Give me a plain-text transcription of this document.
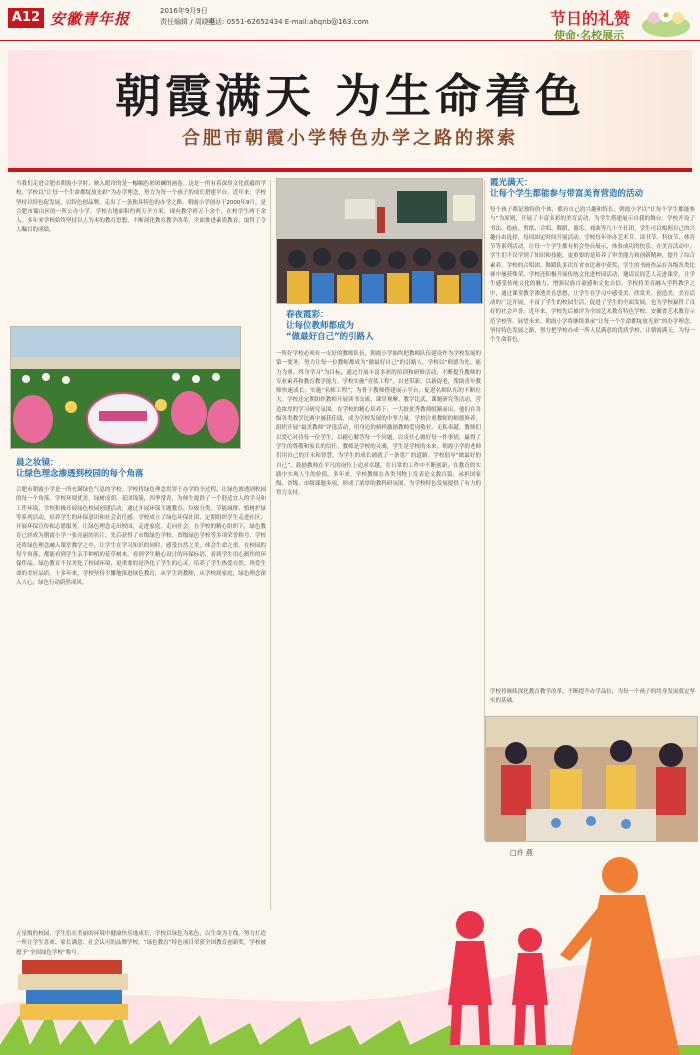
A12 安徽青年报	2016年9月9日
责任编辑 / 周晓燕
电话: 0551-62652434 E-mail:ahqnb@163.com	节日的礼赞
使命·名校展示
朝霞满天 为生命着色
合肥市朝霞小学特色办学之路的探索
当我们走进合肥市朝霞小学时，映入眼帘的是一幅幅色彩斑斓的画卷。这是一所有着深厚文化底蕴的学校，学校以“让每一个生命都绽放光彩”为办学理念，努力为每一个孩子的成长搭建平台。近年来，学校坚持以特色促发展，以特色创品牌，走出了一条独具特色的办学之路。朝霞小学创办于2000年9月，是合肥市蜀山区的一所公办小学。学校占地面积约两万平方米，现有教学班五十余个，在校学生两千余人。多年来学校始终坚持以人为本的教育思想，不断深化教育教学改革，全面推进素质教育，取得了令人瞩目的成绩。
晨之妆镜：
让绿色理念渗透到校园的每个角落
合肥市朝霞小学是一所充满绿色气息的学校。学校将绿色理念贯穿于办学的全过程，让绿色渗透到校园的每一个角落。学校环境优美，绿树成荫，花团锦簇，四季常青，为师生提供了一个舒适宜人的学习和工作环境。学校积极开展绿色校园创建活动，通过开展环保主题教育、垃圾分类、节能减排、植树护绿等系列活动，培养学生的环保意识和社会责任感。学校成立了绿色环保社团，定期组织学生走进社区，开展环保宣传和志愿服务，让绿色理念走出校园，走进家庭，走向社会。在学校的精心组织下，绿色教育已经成为朝霞小学一张亮丽的名片，先后获得了市级绿色学校、省级绿色学校等多项荣誉称号。学校还将绿色理念融入课堂教学之中，让学生在学习知识的同时，感受自然之美，体会生命之重。在校园的每个角落，都能看到学生亲手种植的花草树木，看到学生精心设计的环保标语，看到学生用心制作的环保作品。绿色教育不仅美化了校园环境，更重要的是净化了学生的心灵，培养了学生热爱自然、珍爱生命的美好品质。十多年来，学校坚持不懈地推进绿色教育，从学生到教师，从学校到家庭，绿色理念深入人心，绿色行动蔚然成风。
春夜霞彩：
让每位教师都成为
“做最好自己”的引路人
一所好学校必须有一支好的教师队伍。朝霞小学始终把教师队伍建设作为学校发展的第一要务，努力让每一位教师都成为“做最好自己”的引路人。学校以“师德为先、能力为重、终身学习”为目标，通过开展丰富多彩的培训和研修活动，不断提升教师的专业素养和教育教学能力。学校实施“青蓝工程”，以老带新，以新促老，帮助青年教师快速成长；实施“名师工程”，为骨干教师搭建展示平台，促进名师队伍的不断壮大。学校还定期组织教师开展读书交流、课堂观摩、教学比武、课题研究等活动，营造浓厚的学习研究氛围。在学校的精心培养下，一大批优秀教师脱颖而出，他们在各级各类教学比赛中屡获佳绩，成为学校发展的中坚力量。学校注重教师的师德修养，组织开展“最美教师”评选活动，用身边的榜样激励教师爱岗敬业、无私奉献。教师们以爱心对待每一位学生，以耐心解答每一个问题，以责任心做好每一件事情，赢得了学生的尊敬和家长的信任。教师是学校的灵魂，学生是学校的未来。朝霞小学的老师们用自己的汗水和智慧，为学生的成长铺就了一条宽广的道路。学校倡导“做最好的自己”，鼓励教师在平凡的岗位上追求卓越，在日常的工作中不断创新，在教育的实践中实现人生的价值。多年来，学校教师在各类刊物上发表论文数百篇，承担国家级、省级、市级课题多项，形成了浓厚的教科研氛围，为学校特色发展提供了有力的智力支持。
霞光满天：
让每个学生都能参与带富美育营造的活动
每个孩子都是独特的个体，都有自己的兴趣和特长。朝霞小学以“让每个学生都能参与”为原则，开展了丰富多彩的美育活动，为学生搭建展示自我的舞台。学校开设了书法、绘画、剪纸、合唱、舞蹈、器乐、戏曲等几十个社团，学生可以根据自己的兴趣自由选择，每周固定时间开展活动。学校每年举办艺术节、读书节、科技节、体育节等系列活动，让每一个学生都有机会登台展示，体验成功的快乐。在美育活动中，学生们不仅学到了知识和技能，更重要的是培养了审美能力和创新精神，提升了综合素养。学校的合唱团、舞蹈队多次在省市比赛中获奖，学生的书画作品在各级各类比赛中屡获殊荣。学校还积极开展传统文化进校园活动，邀请民间艺人走进课堂，让学生感受传统文化的魅力，增强民族自豪感和文化自信。学校将美育融入学科教学之中，通过课堂教学渗透美育思想，让学生在学习中感受美、欣赏美、创造美。美育活动的广泛开展，丰富了学生的校园生活，促进了学生的全面发展，也为学校赢得了良好的社会声誉。近年来，学校先后被评为全国艺术教育特色学校、安徽省艺术教育示范学校等。展望未来，朝霞小学将继续秉承“让每一个生命都绽放光彩”的办学理念，坚持特色发展之路，努力把学校办成一所人民满意的优质学校，让朝霞满天，为每一个生命着色。
学校将继续深化教育教学改革，不断提升办学品位，为每一个孩子的终身发展奠定坚实的基础。
□许 燕
五星级的校园，学生们在美丽的环境中健康快乐地成长，学校以绿色为底色，以生命为主线，努力打造一所让学生喜欢、家长满意、社会认可的品牌学校。“绿色教育”特色项目荣获全国教育创新奖，学校被授予“全国绿色学校”称号。
